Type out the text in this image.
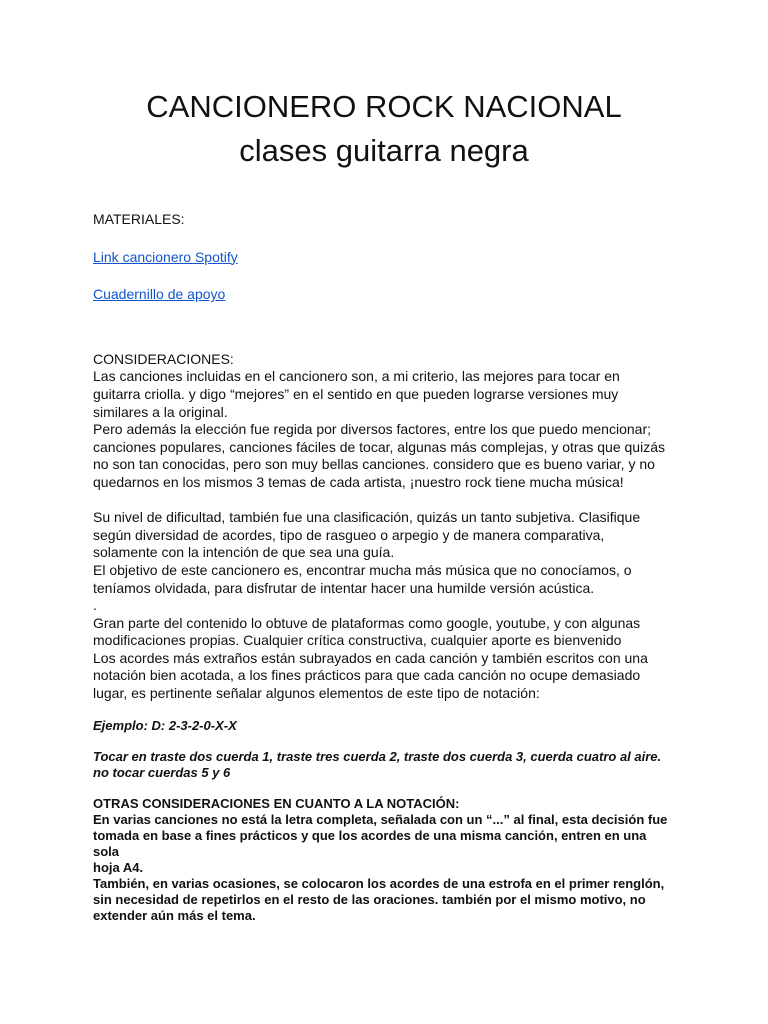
CANCIONERO ROCK NACIONAL
clases guitarra negra

MATERIALES:

Link cancionero Spotify

Cuadernillo de apoyo

CONSIDERACIONES:

Las canciones incluidas en el cancionero son, a mi criterio, las mejores para tocar en

guitarra criolla. y digo “mejores” en el sentido en que pueden lograrse versiones muy

similares a la original.

Pero además la elección fue regida por diversos factores, entre los que puedo mencionar;

canciones populares, canciones fáciles de tocar, algunas más complejas, y otras que quizás

no son tan conocidas, pero son muy bellas canciones. considero que es bueno variar, y no

quedarnos en los mismos 3 temas de cada artista, ¡nuestro rock tiene mucha música!

Su nivel de dificultad, también fue una clasificación, quizás un tanto subjetiva. Clasifique

según diversidad de acordes, tipo de rasgueo o arpegio y de manera comparativa,

solamente con la intención de que sea una guía.

El objetivo de este cancionero es, encontrar mucha más música que no conocíamos, o

teníamos olvidada, para disfrutar de intentar hacer una humilde versión acústica.

.

Gran parte del contenido lo obtuve de plataformas como google, youtube, y con algunas

modificaciones propias. Cualquier crítica constructiva, cualquier aporte es bienvenido

Los acordes más extraños están subrayados en cada canción y también escritos con una

notación bien acotada, a los fines prácticos para que cada canción no ocupe demasiado

lugar, es pertinente señalar algunos elementos de este tipo de notación:

Ejemplo: D: 2-3-2-0-X-X

Tocar en traste dos cuerda 1, traste tres cuerda 2, traste dos cuerda 3, cuerda cuatro al aire.

no tocar cuerdas 5 y 6

OTRAS CONSIDERACIONES EN CUANTO A LA NOTACIÓN:

En varias canciones no está la letra completa, señalada con un “...” al final, esta decisión fue

tomada en base a fines prácticos y que los acordes de una misma canción, entren en una sola

hoja A4.

También, en varias ocasiones, se colocaron los acordes de una estrofa en el primer renglón,

sin necesidad de repetirlos en el resto de las oraciones. también por el mismo motivo, no

extender aún más el tema.
